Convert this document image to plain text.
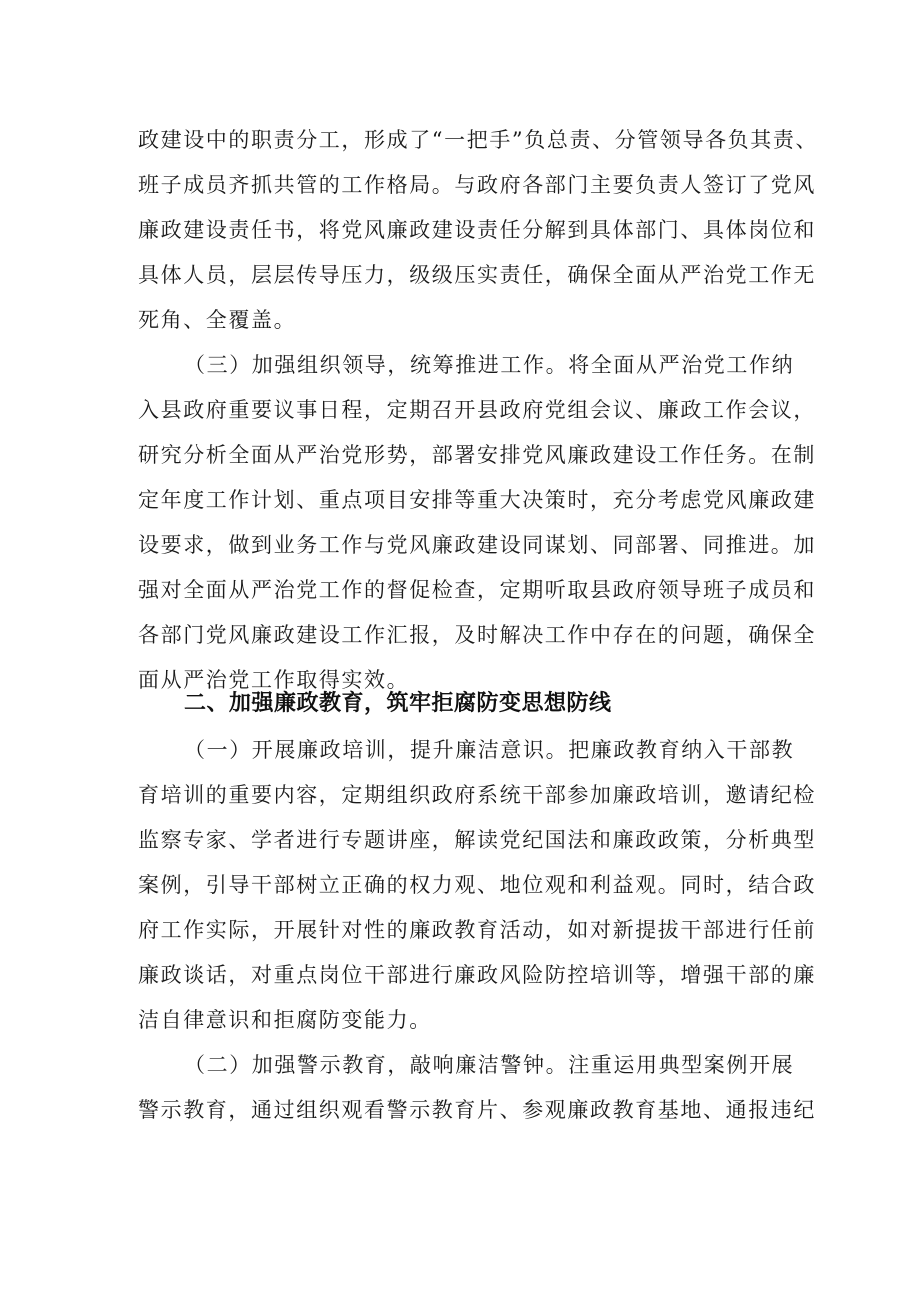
政建设中的职责分工，形成了“一把手”负总责、分管领导各负其责、
班子成员齐抓共管的工作格局。与政府各部门主要负责人签订了党风
廉政建设责任书，将党风廉政建设责任分解到具体部门、具体岗位和
具体人员，层层传导压力，级级压实责任，确保全面从严治党工作无
死角、全覆盖。
（三）加强组织领导，统筹推进工作。将全面从严治党工作纳
入县政府重要议事日程，定期召开县政府党组会议、廉政工作会议，
研究分析全面从严治党形势，部署安排党风廉政建设工作任务。在制
定年度工作计划、重点项目安排等重大决策时，充分考虑党风廉政建
设要求，做到业务工作与党风廉政建设同谋划、同部署、同推进。加
强对全面从严治党工作的督促检查，定期听取县政府领导班子成员和
各部门党风廉政建设工作汇报，及时解决工作中存在的问题，确保全
面从严治党工作取得实效。
二、加强廉政教育，筑牢拒腐防变思想防线
（一）开展廉政培训，提升廉洁意识。把廉政教育纳入干部教
育培训的重要内容，定期组织政府系统干部参加廉政培训，邀请纪检
监察专家、学者进行专题讲座，解读党纪国法和廉政政策，分析典型
案例，引导干部树立正确的权力观、地位观和利益观。同时，结合政
府工作实际，开展针对性的廉政教育活动，如对新提拔干部进行任前
廉政谈话，对重点岗位干部进行廉政风险防控培训等，增强干部的廉
洁自律意识和拒腐防变能力。
（二）加强警示教育，敲响廉洁警钟。注重运用典型案例开展
警示教育，通过组织观看警示教育片、参观廉政教育基地、通报违纪
